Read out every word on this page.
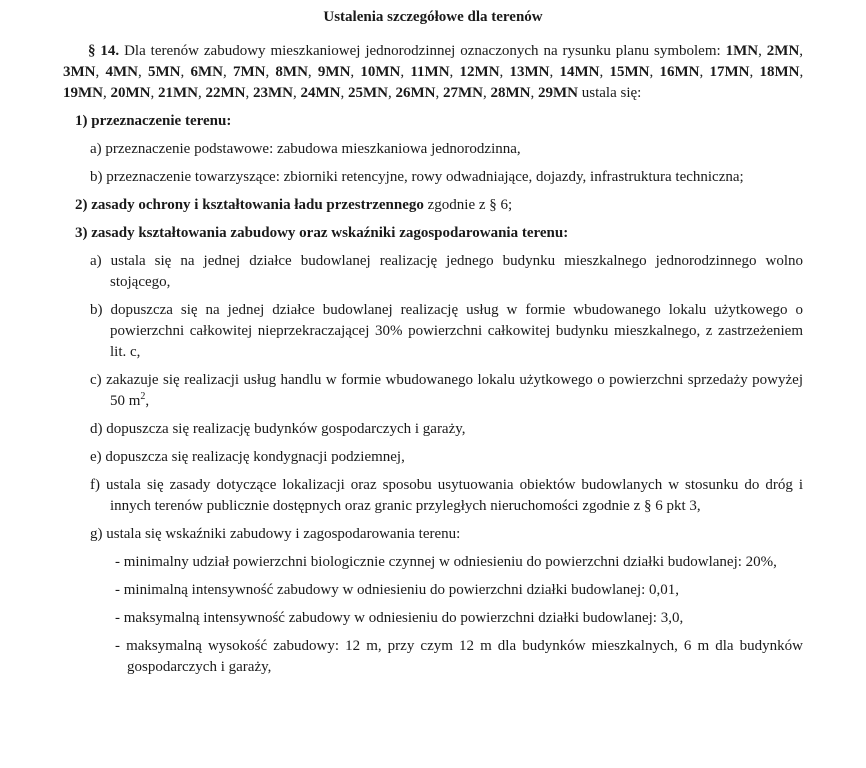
Ustalenia szczegółowe dla terenów

§ 14. Dla terenów zabudowy mieszkaniowej jednorodzinnej oznaczonych na rysunku planu symbolem: 1MN, 2MN, 3MN, 4MN, 5MN, 6MN, 7MN, 8MN, 9MN, 10MN, 11MN, 12MN, 13MN, 14MN, 15MN, 16MN, 17MN, 18MN, 19MN, 20MN, 21MN, 22MN, 23MN, 24MN, 25MN, 26MN, 27MN, 28MN, 29MN ustala się:

1) przeznaczenie terenu:
a) przeznaczenie podstawowe: zabudowa mieszkaniowa jednorodzinna,
b) przeznaczenie towarzyszące: zbiorniki retencyjne, rowy odwadniające, dojazdy, infrastruktura techniczna;
2) zasady ochrony i kształtowania ładu przestrzennego zgodnie z § 6;
3) zasady kształtowania zabudowy oraz wskaźniki zagospodarowania terenu:
a) ustala się na jednej działce budowlanej realizację jednego budynku mieszkalnego jednorodzinnego wolno stojącego,
b) dopuszcza się na jednej działce budowlanej realizację usług w formie wbudowanego lokalu użytkowego o powierzchni całkowitej nieprzekraczającej 30% powierzchni całkowitej budynku mieszkalnego, z zastrzeżeniem lit. c,
c) zakazuje się realizacji usług handlu w formie wbudowanego lokalu użytkowego o powierzchni sprzedaży powyżej 50 $m^2$,
d) dopuszcza się realizację budynków gospodarczych i garaży,
e) dopuszcza się realizację kondygnacji podziemnej,
f) ustala się zasady dotyczące lokalizacji oraz sposobu usytuowania obiektów budowlanych w stosunku do dróg i innych terenów publicznie dostępnych oraz granic przyległych nieruchomości zgodnie z § 6 pkt 3,
g) ustala się wskaźniki zabudowy i zagospodarowania terenu:
- minimalny udział powierzchni biologicznie czynnej w odniesieniu do powierzchni działki budowlanej: 20%,
- minimalną intensywność zabudowy w odniesieniu do powierzchni działki budowlanej: 0,01,
- maksymalną intensywność zabudowy w odniesieniu do powierzchni działki budowlanej: 3,0,
- maksymalną wysokość zabudowy: 12 m, przy czym 12 m dla budynków mieszkalnych, 6 m dla budynków gospodarczych i garaży,
